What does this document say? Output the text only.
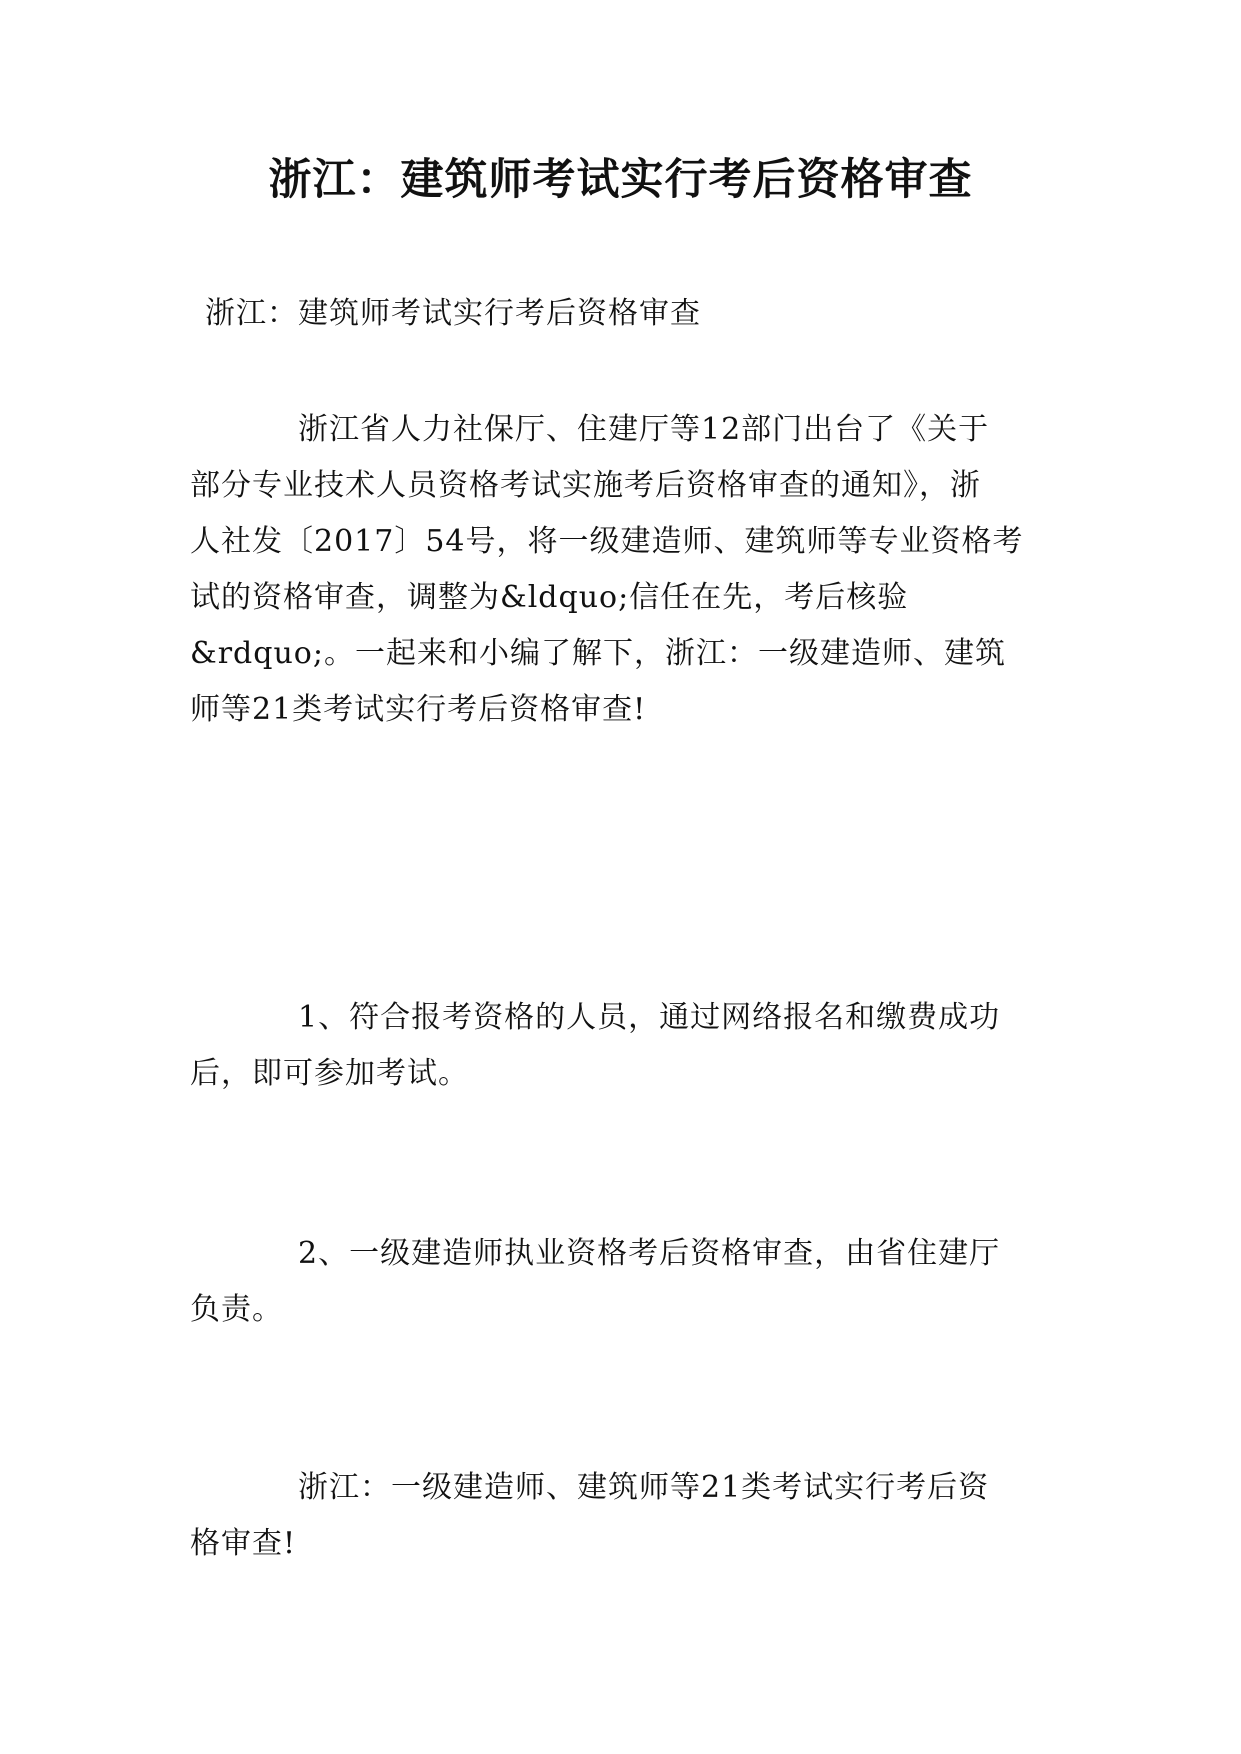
浙江：建筑师考试实行考后资格审查
浙江：建筑师考试实行考后资格审查
浙江省人力社保厅、住建厅等12部门出台了《关于
部分专业技术人员资格考试实施考后资格审查的通知》，浙
人社发〔2017〕54号，将一级建造师、建筑师等专业资格考
试的资格审查，调整为&ldquo;信任在先，考后核验
&rdquo;。一起来和小编了解下，浙江：一级建造师、建筑
师等21类考试实行考后资格审查!
1、符合报考资格的人员，通过网络报名和缴费成功
后，即可参加考试。
2、一级建造师执业资格考后资格审查，由省住建厅
负责。
浙江：一级建造师、建筑师等21类考试实行考后资
格审查!
